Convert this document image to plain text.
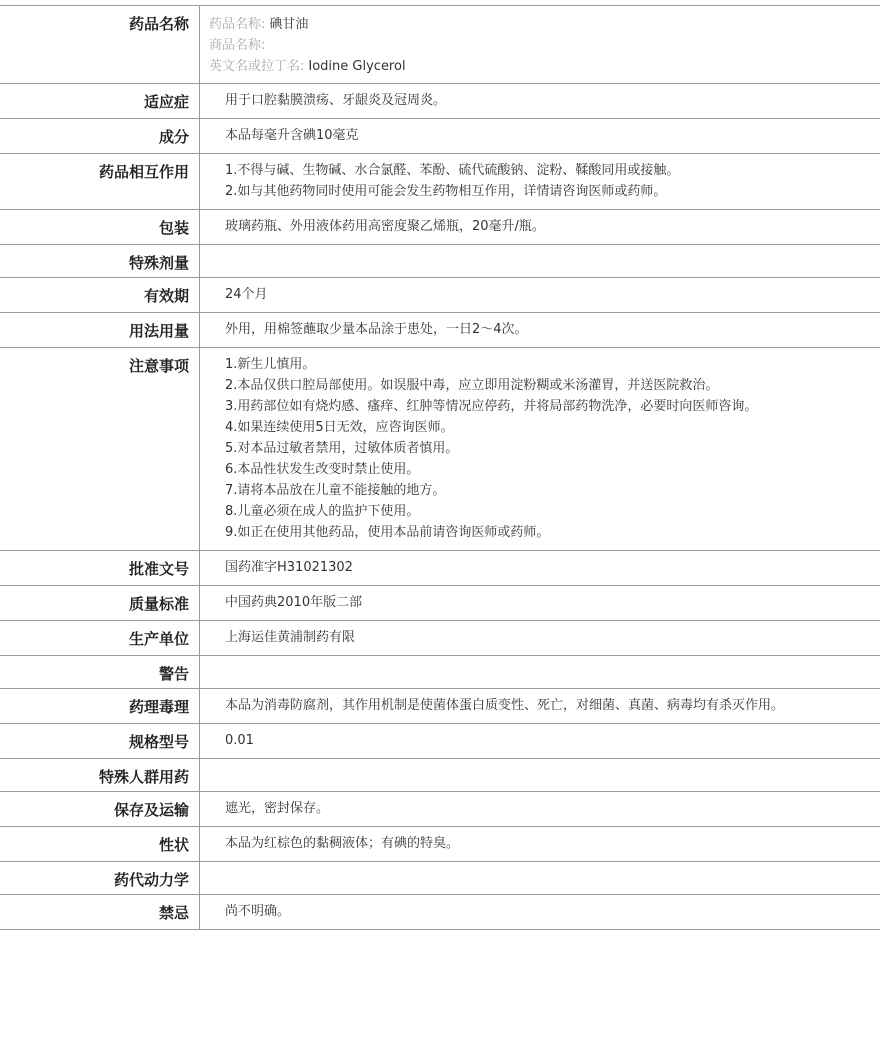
药品名称	药品名称: 碘甘油
商品名称:
英文名或拉丁名: Iodine Glycerol
适应症	用于口腔黏膜溃疡、牙龈炎及冠周炎。
成分	本品每毫升含碘10毫克
药品相互作用	1.不得与碱、生物碱、水合氯醛、苯酚、硫代硫酸钠、淀粉、鞣酸同用或接触。
2.如与其他药物同时使用可能会发生药物相互作用，详情请咨询医师或药师。
包装	玻璃药瓶、外用液体药用高密度聚乙烯瓶，20毫升/瓶。
特殊剂量
有效期	24个月
用法用量	外用，用棉签蘸取少量本品涂于患处，一日2～4次。
注意事项	1.新生儿慎用。
2.本品仅供口腔局部使用。如误服中毒，应立即用淀粉糊或米汤灌胃，并送医院救治。
3.用药部位如有烧灼感、瘙痒、红肿等情况应停药，并将局部药物洗净，必要时向医师咨询。
4.如果连续使用5日无效，应咨询医师。
5.对本品过敏者禁用，过敏体质者慎用。
6.本品性状发生改变时禁止使用。
7.请将本品放在儿童不能接触的地方。
8.儿童必须在成人的监护下使用。
9.如正在使用其他药品，使用本品前请咨询医师或药师。
批准文号	国药准字H31021302
质量标准	中国药典2010年版二部
生产单位	上海运佳黄浦制药有限
警告
药理毒理	本品为消毒防腐剂，其作用机制是使菌体蛋白质变性、死亡，对细菌、真菌、病毒均有杀灭作用。
规格型号	0.01
特殊人群用药
保存及运输	遮光，密封保存。
性状	本品为红棕色的黏稠液体；有碘的特臭。
药代动力学
禁忌	尚不明确。
